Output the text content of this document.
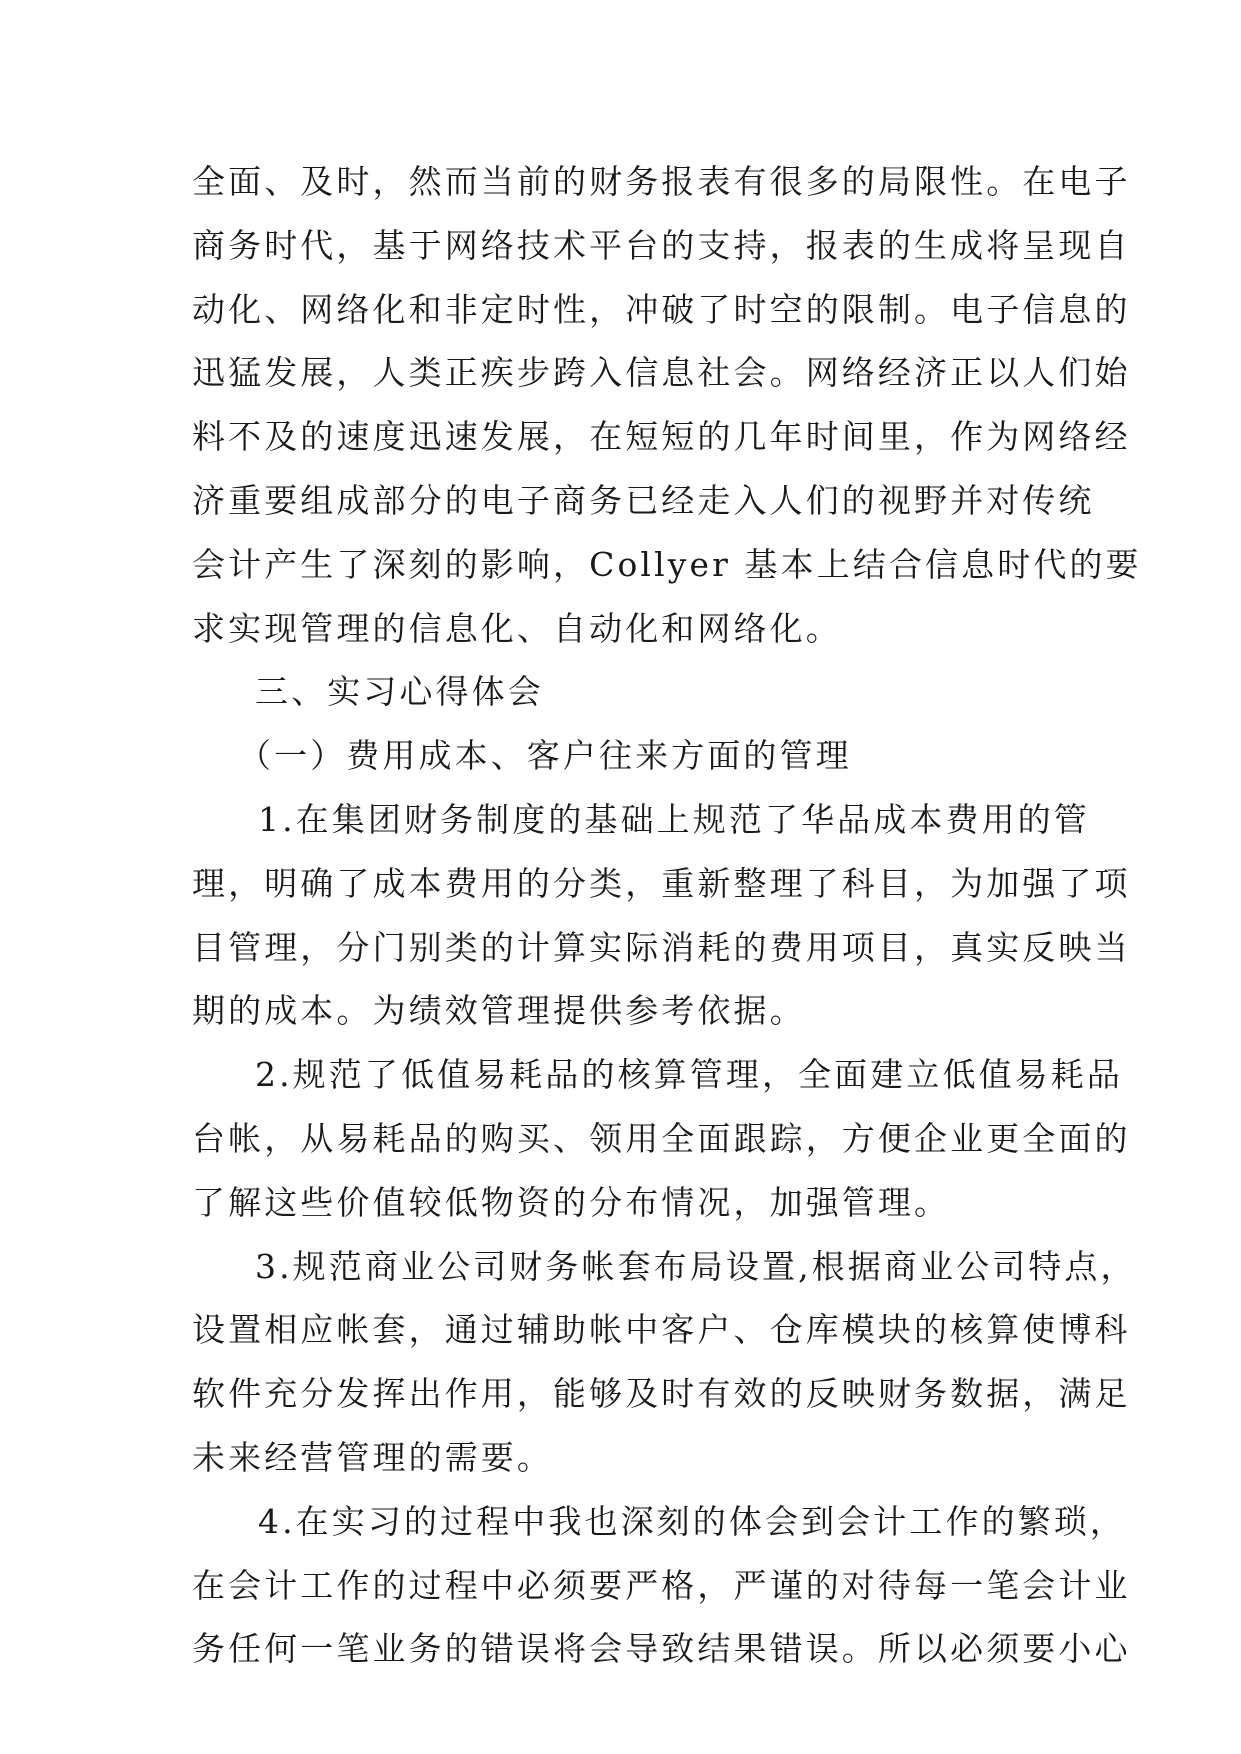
全面、及时，然而当前的财务报表有很多的局限性。在电子
商务时代，基于网络技术平台的支持，报表的生成将呈现自
动化、网络化和非定时性，冲破了时空的限制。电子信息的
迅猛发展，人类正疾步跨入信息社会。网络经济正以人们始
料不及的速度迅速发展，在短短的几年时间里，作为网络经
济重要组成部分的电子商务已经走入人们的视野并对传统
会计产生了深刻的影响，Collyer 基本上结合信息时代的要
求实现管理的信息化、自动化和网络化。
三、实习心得体会
（一）费用成本、客户往来方面的管理
1.在集团财务制度的基础上规范了华品成本费用的管
理，明确了成本费用的分类，重新整理了科目，为加强了项
目管理，分门别类的计算实际消耗的费用项目，真实反映当
期的成本。为绩效管理提供参考依据。
2.规范了低值易耗品的核算管理，全面建立低值易耗品
台帐，从易耗品的购买、领用全面跟踪，方便企业更全面的
了解这些价值较低物资的分布情况，加强管理。
3.规范商业公司财务帐套布局设置,根据商业公司特点，
设置相应帐套，通过辅助帐中客户、仓库模块的核算使博科
软件充分发挥出作用，能够及时有效的反映财务数据，满足
未来经营管理的需要。
4.在实习的过程中我也深刻的体会到会计工作的繁琐，
在会计工作的过程中必须要严格，严谨的对待每一笔会计业
务任何一笔业务的错误将会导致结果错误。所以必须要小心
